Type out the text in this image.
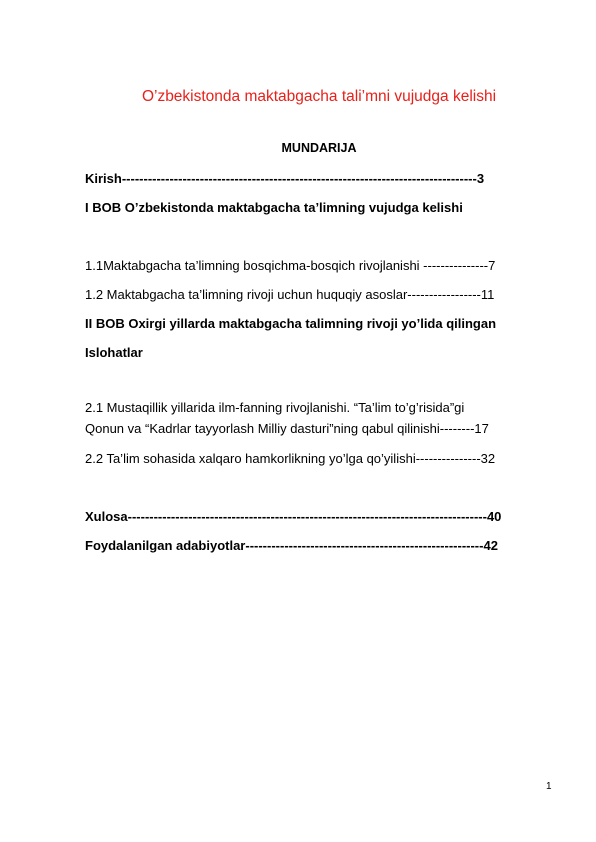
O’zbekistonda maktabgacha tali’mni vujudga kelishi
MUNDARIJA
Kirish----------------------------------------------------------------------------------3
I BOB O’zbekistonda maktabgacha ta’limning vujudga kelishi
1.1Maktabgacha ta’limning bosqichma-bosqich rivojlanishi ---------------7
1.2 Maktabgacha ta’limning rivoji uchun huquqiy asoslar-----------------11
II BOB Oxirgi yillarda maktabgacha talimning rivoji yo’lida qilingan
Islohatlar
2.1 Mustaqillik yillarida ilm-fanning rivojlanishi. “Ta’lim to’g’risida”gi
Qonun va “Kadrlar tayyorlash Milliy dasturi”ning qabul qilinishi--------17
2.2 Ta’lim sohasida xalqaro hamkorlikning yo’lga qo’yilishi---------------32
Xulosa-----------------------------------------------------------------------------------40
Foydalanilgan adabiyotlar-------------------------------------------------------42
1
